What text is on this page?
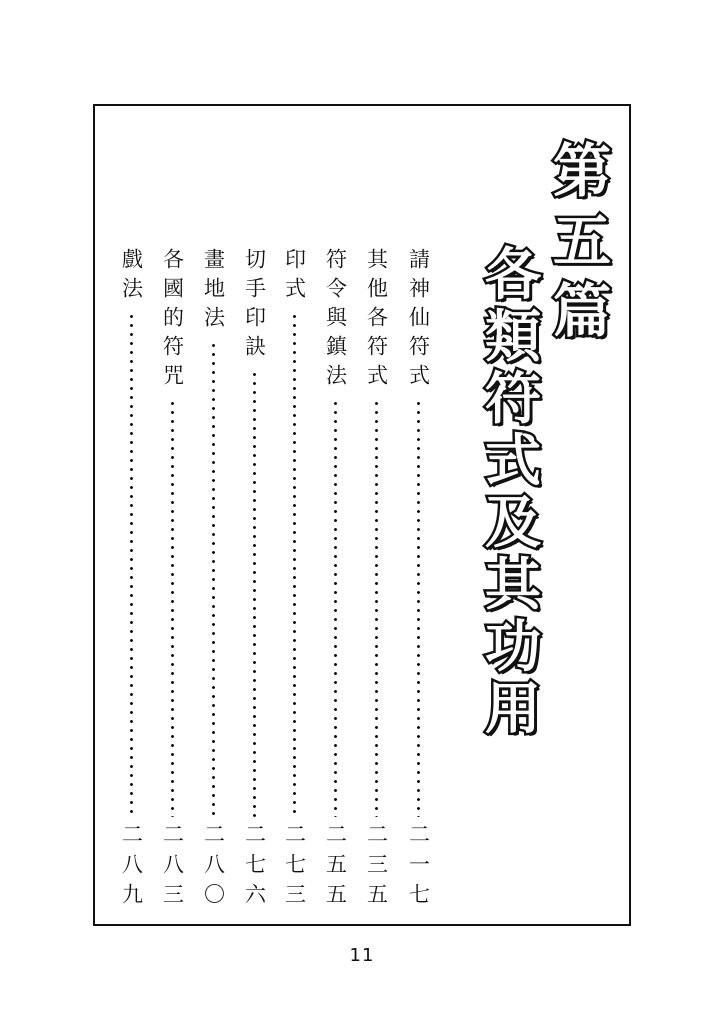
第
五
篇
各
類
符
式
及
其
功
用
請神仙符式
二一七
其他各符式
二三五
符令與鎮法
二五五
印式
二七三
切手印訣
二七六
畫地法
二八〇
各國的符咒
二八三
戲法
二八九
11
